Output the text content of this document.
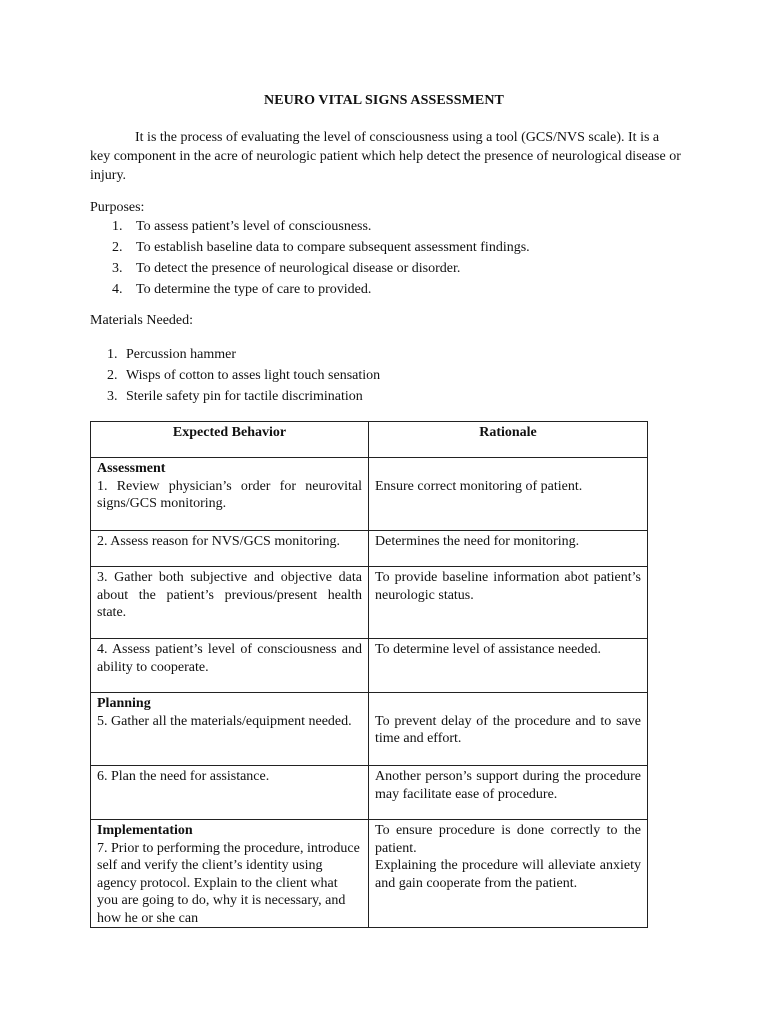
NEURO VITAL SIGNS ASSESSMENT
It is the process of evaluating the level of consciousness using a tool (GCS/NVS scale). It is a key component in the acre of neurologic patient which help detect the presence of neurological disease or injury.
Purposes:
1. To assess patient’s level of consciousness.
2. To establish baseline data to compare subsequent assessment findings.
3. To detect the presence of neurological disease or disorder.
4. To determine the type of care to provided.
Materials Needed:
1. Percussion hammer
2. Wisps of cotton to asses light touch sensation
3. Sterile safety pin for tactile discrimination
Expected Behavior	Rationale

Assessment
1. Review physician’s order for neurovital signs/GCS monitoring.	Ensure correct monitoring of patient.
2. Assess reason for NVS/GCS monitoring.	Determines the need for monitoring.
3. Gather both subjective and objective data about the patient’s previous/present health state.	To provide baseline information abot patient’s neurologic status.
4. Assess patient’s level of consciousness and ability to cooperate.	To determine level of assistance needed.

Planning
5. Gather all the materials/equipment needed.	To prevent delay of the procedure and to save time and effort.
6. Plan the need for assistance.	Another person’s support during the procedure may facilitate ease of procedure.

Implementation
7. Prior to performing the procedure, introduce self and verify the client’s identity using agency protocol. Explain to the client what you are going to do, why it is necessary, and how he or she can	To ensure procedure is done correctly to the patient.
Explaining the procedure will alleviate anxiety and gain cooperate from the patient.
